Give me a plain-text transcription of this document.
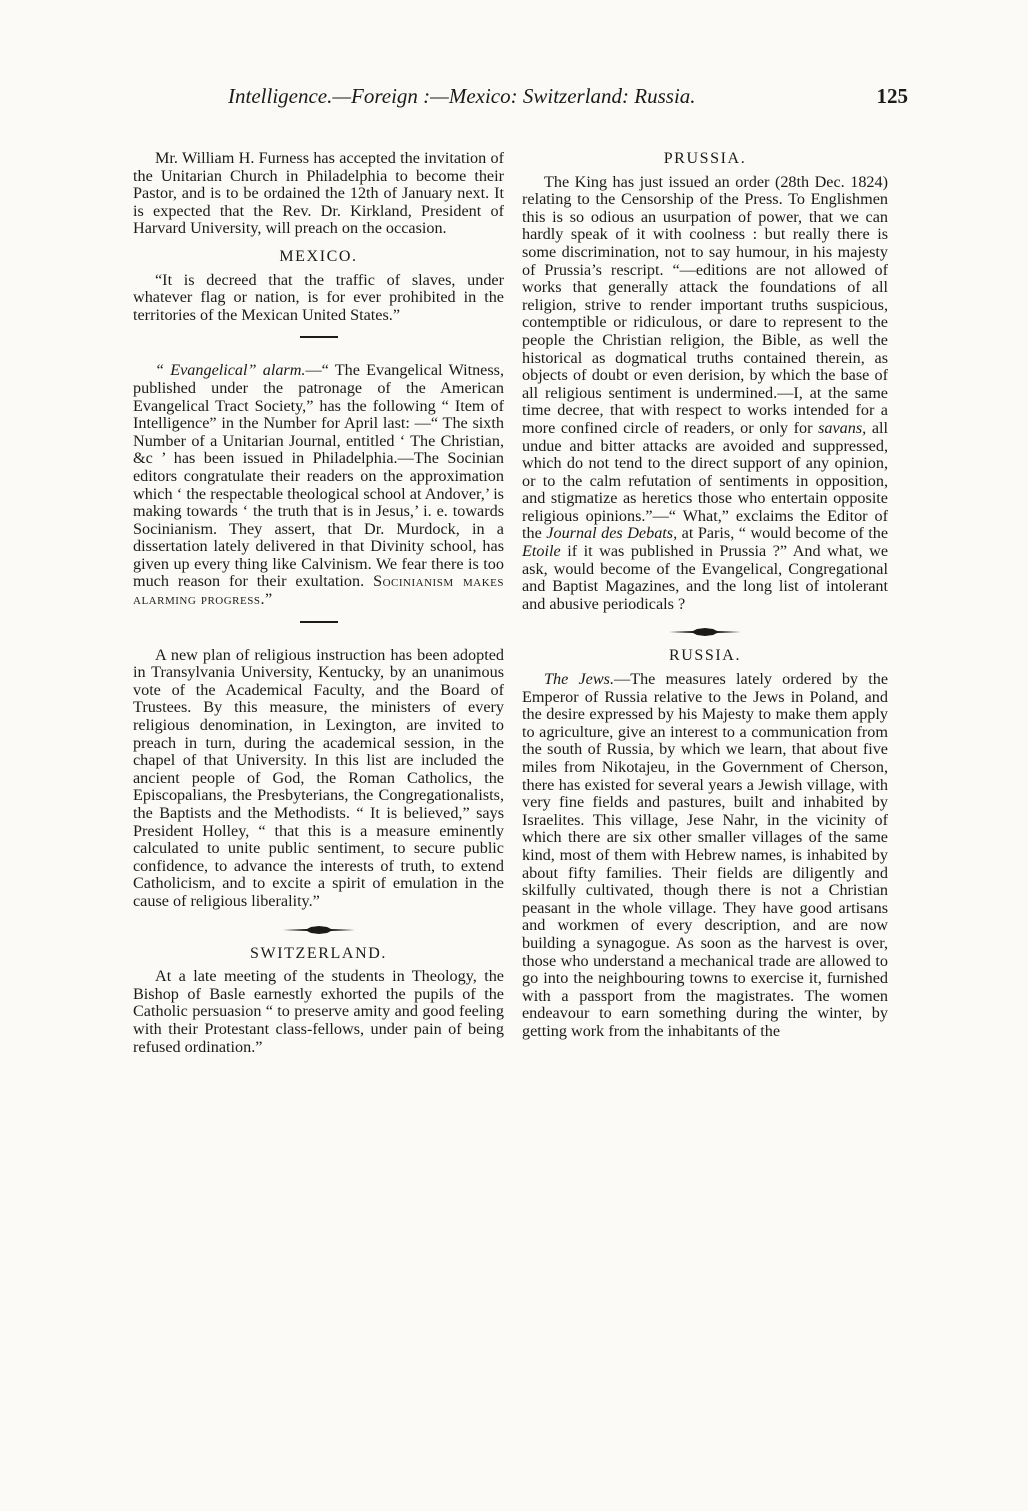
Intelligence.—Foreign :—Mexico: Switzerland: Russia.	125

Mr. William H. Furness has accepted the invitation of the Unitarian Church in Philadelphia to become their Pastor, and is to be ordained the 12th of January next. It is expected that the Rev. Dr. Kirkland, President of Harvard University, will preach on the occasion.

MEXICO.

“It is decreed that the traffic of slaves, under whatever flag or nation, is for ever prohibited in the territories of the Mexican United States.”

“ Evangelical” alarm.—“ The Evangelical Witness, published under the patronage of the American Evangelical Tract Society,” has the following “ Item of Intelligence” in the Number for April last: —“ The sixth Number of a Unitarian Journal, entitled ‘ The Christian, &c ’ has been issued in Philadelphia.—The Socinian editors congratulate their readers on the approximation which ‘ the respectable theological school at Andover,’ is making towards ‘ the truth that is in Jesus,’ i. e. towards Socinianism. They assert, that Dr. Murdock, in a dissertation lately delivered in that Divinity school, has given up every thing like Calvinism. We fear there is too much reason for their exultation. Socinianism makes alarming progress.”

A new plan of religious instruction has been adopted in Transylvania University, Kentucky, by an unanimous vote of the Academical Faculty, and the Board of Trustees. By this measure, the ministers of every religious denomination, in Lexington, are invited to preach in turn, during the academical session, in the chapel of that University. In this list are included the ancient people of God, the Roman Catholics, the Episcopalians, the Presbyterians, the Congregationalists, the Baptists and the Methodists. “ It is believed,” says President Holley, “ that this is a measure eminently calculated to unite public sentiment, to secure public confidence, to advance the interests of truth, to extend Catholicism, and to excite a spirit of emulation in the cause of religious liberality.”

SWITZERLAND.

At a late meeting of the students in Theology, the Bishop of Basle earnestly exhorted the pupils of the Catholic persuasion “ to preserve amity and good feeling with their Protestant class-fellows, under pain of being refused ordination.”

PRUSSIA.

The King has just issued an order (28th Dec. 1824) relating to the Censorship of the Press. To Englishmen this is so odious an usurpation of power, that we can hardly speak of it with coolness : but really there is some discrimination, not to say humour, in his majesty of Prussia’s rescript. “—editions are not allowed of works that generally attack the foundations of all religion, strive to render important truths suspicious, contemptible or ridiculous, or dare to represent to the people the Christian religion, the Bible, as well the historical as dogmatical truths contained therein, as objects of doubt or even derision, by which the base of all religious sentiment is undermined.—I, at the same time decree, that with respect to works intended for a more confined circle of readers, or only for savans, all undue and bitter attacks are avoided and suppressed, which do not tend to the direct support of any opinion, or to the calm refutation of sentiments in opposition, and stigmatize as heretics those who entertain opposite religious opinions.”—“ What,” exclaims the Editor of the Journal des Debats, at Paris, “ would become of the Etoile if it was published in Prussia ?” And what, we ask, would become of the Evangelical, Congregational and Baptist Magazines, and the long list of intolerant and abusive periodicals ?

RUSSIA.

The Jews.—The measures lately ordered by the Emperor of Russia relative to the Jews in Poland, and the desire expressed by his Majesty to make them apply to agriculture, give an interest to a communication from the south of Russia, by which we learn, that about five miles from Nikotajeu, in the Government of Cherson, there has existed for several years a Jewish village, with very fine fields and pastures, built and inhabited by Israelites. This village, Jese Nahr, in the vicinity of which there are six other smaller villages of the same kind, most of them with Hebrew names, is inhabited by about fifty families. Their fields are diligently and skilfully cultivated, though there is not a Christian peasant in the whole village. They have good artisans and workmen of every description, and are now building a synagogue. As soon as the harvest is over, those who understand a mechanical trade are allowed to go into the neighbouring towns to exercise it, furnished with a passport from the magistrates. The women endeavour to earn something during the winter, by getting work from the inhabitants of the
